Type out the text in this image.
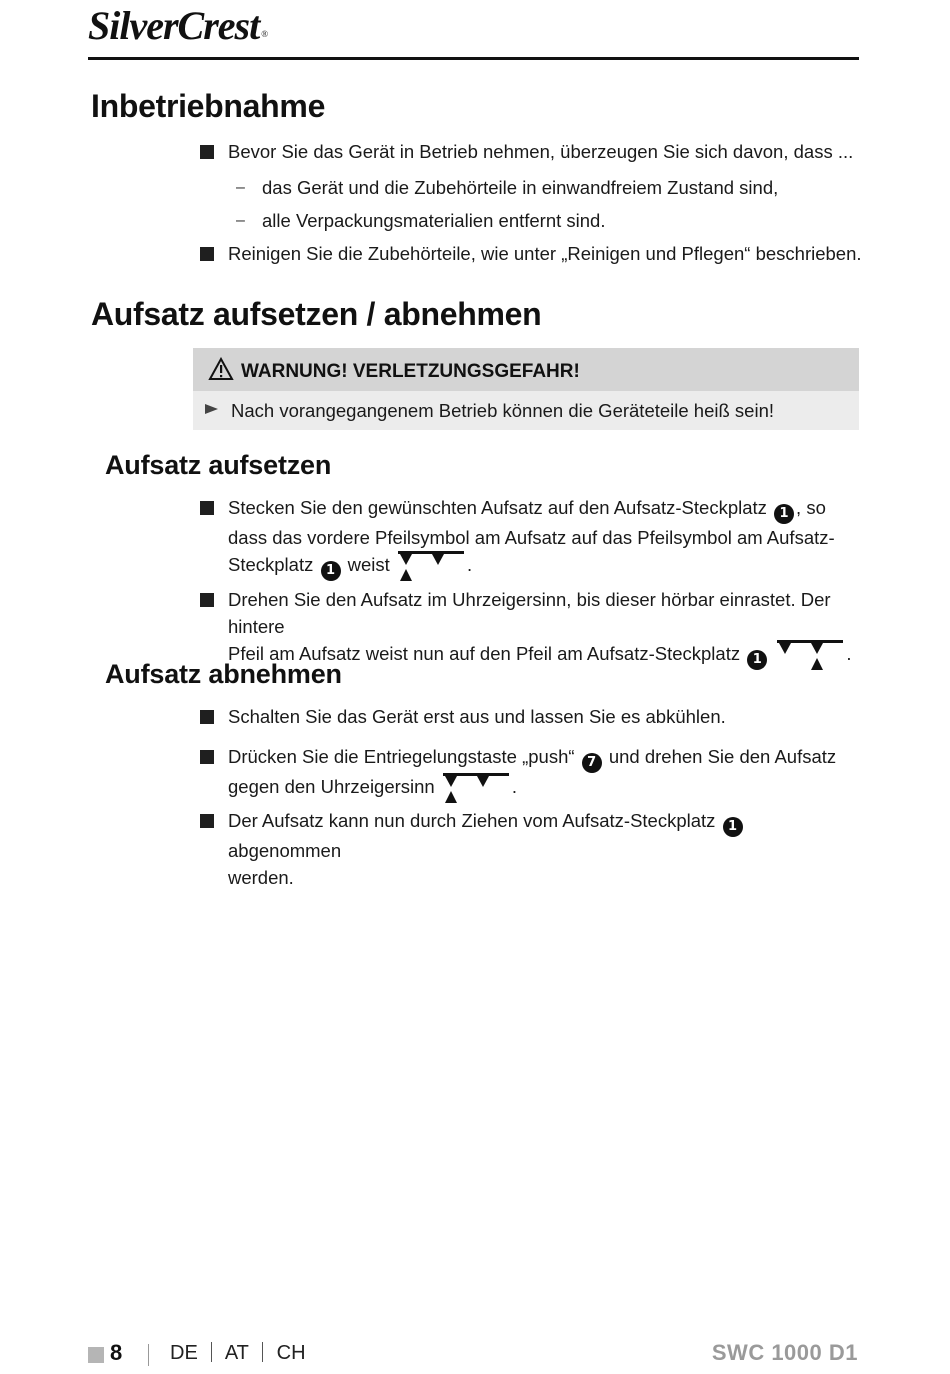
SilverCrest ®
Inbetriebnahme
Bevor Sie das Gerät in Betrieb nehmen, überzeugen Sie sich davon, dass ...
– das Gerät und die Zubehörteile in einwandfreiem Zustand sind,
– alle Verpackungsmaterialien entfernt sind.
Reinigen Sie die Zubehörteile, wie unter „Reinigen und Pflegen“ beschrieben.
Aufsatz aufsetzen / abnehmen
WARNUNG! VERLETZUNGSGEFAHR!
Nach vorangegangenem Betrieb können die Geräteteile heiß sein!
Aufsatz aufsetzen
Stecken Sie den gewünschten Aufsatz auf den Aufsatz-Steckplatz 1 , so
dass das vordere Pfeilsymbol am Aufsatz auf das Pfeilsymbol am Aufsatz-
Steckplatz 1 weist	.
Drehen Sie den Aufsatz im Uhrzeigersinn, bis dieser hörbar einrastet. Der hintere
Pfeil am Aufsatz weist nun auf den Pfeil am Aufsatz-Steckplatz 1	.
Aufsatz abnehmen
Schalten Sie das Gerät erst aus und lassen Sie es abkühlen.
Drücken Sie die Entriegelungstaste „push“ 7 und drehen Sie den Aufsatz
gegen den Uhrzeigersinn	.
Der Aufsatz kann nun durch Ziehen vom Aufsatz-Steckplatz 1 abgenommen
werden.
8 DE AT CH	SWC 1000 D1
